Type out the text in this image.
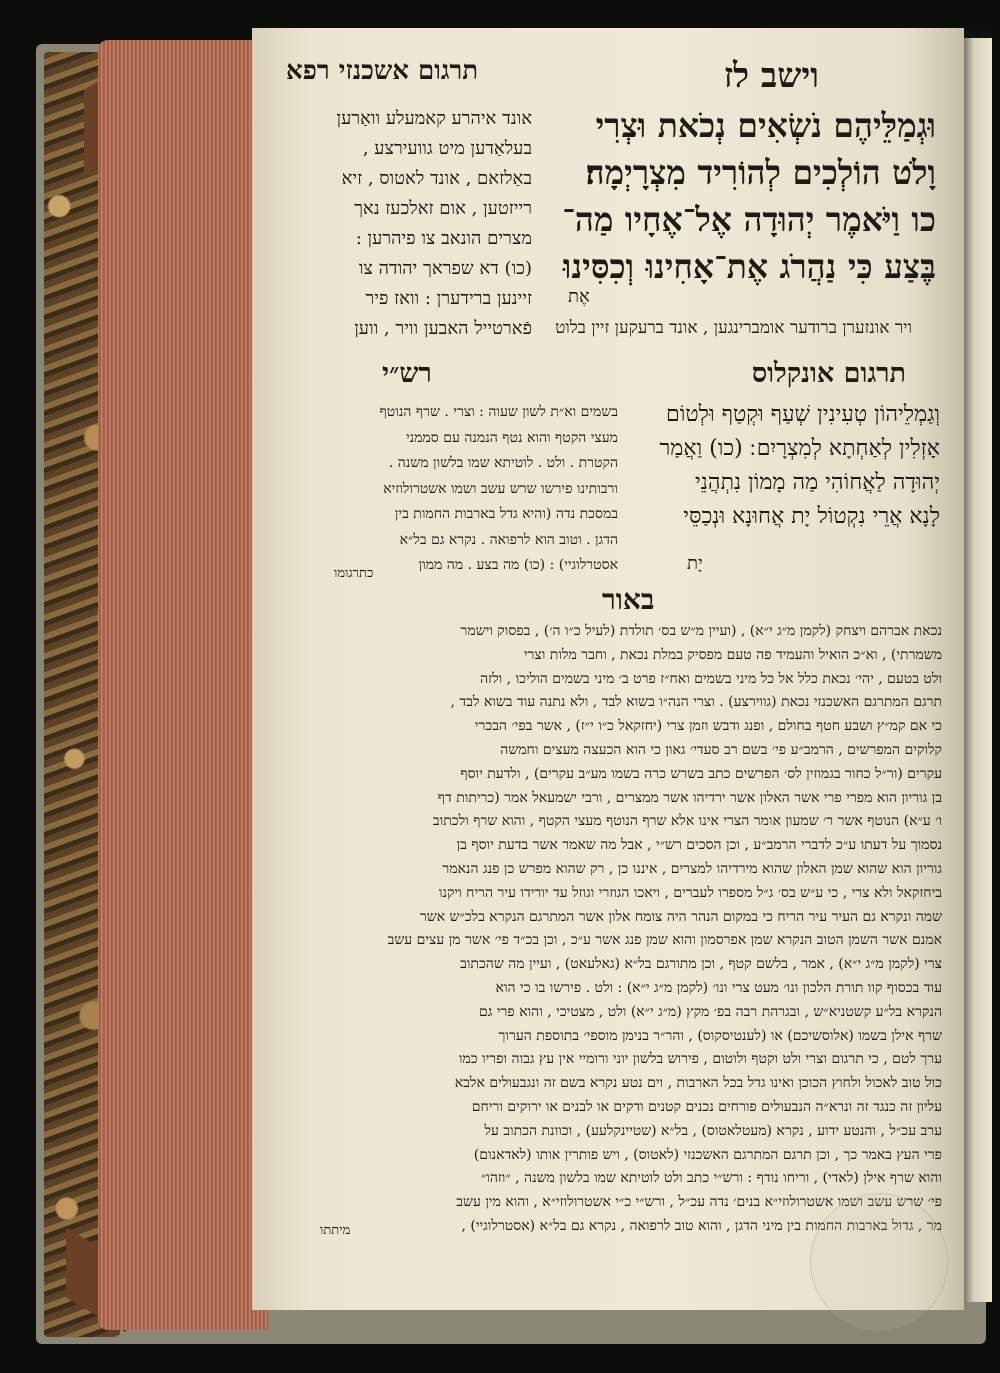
וישב לז
תרגום אשכנזי רפא
וּגְמַלֵּיהֶם נֹשְׂאִים נְכֹאת וּצְרִי
וָלֹט הוֹלְכִים לְהוֹרִיד מִצְרָיְמָה׃
כו וַיֹּאמֶר יְהוּדָה אֶל־אֶחָיו מַה־
בֶּצַע כִּי נַהֲרֹג אֶת־אָחִינוּ וְכִסִּינוּ
אֶת
אונד איהרע קאמעלע וואַרען
בעלאַדען מיט גוועירצע ,
באַלזאם , אונד לאטוס , זיא
רייזטען , אום זאלכעז נאך
מצרים הונאב צו פיהרען :
(כו) דא שפראך יהודה צו
זיינען ברידערן : וואז פיר
פֿארטייל האבען וויר , ווען	ויר אונזערן ברודער אומברינגען , אונד ברעקען זיין בלוט
תרגום אונקלוס
רש״י
וְגַמְלֵיהוֹן טְעִינִין שְׁעַף וּקְטַף וּלְטוֹם
אָזְלִין לְאַחְתָא לְמִצְרָיִם ׃ (כו) וַאֲמַר
יְהוּדָה לַאֲחוֹהִי מַה מָמוֹן נִתְהֲנֵי
לָנָא אֲרֵי נִקְטוֹל יָת אֲחוּנָא וּנְכַסֵּי
יָת
בשמים וא״ת לשון שעוה : וצרי . שרף הנוטף
מעצי הקטף והוא נטף הנמנה עם סממני
הקטרת . ולט . לוטיתא שמו בלשון משנה .
ורבותינו פירשו שרש עשב ושמו אשטרולוזיא
במסכת נדה (והיא גדל בארבות החמות בין
הדגן . וטוב הוא לרפואה . נקרא גם בל״א
אסטרלוגיי) : (כו) מה בצע . מה ממון
כתרגומו
באור
נכאת אברהם ויצחק (לקמן מ״ג י״א) , (ועיין מ״ש בס׳ תולדת (לעיל כ״ו ה׳) , בפסוק וישמר
משמרתי) , וא״כ הואיל והעמיד פה טעם מפסיק במלת נכאת , וחבר מלות וצרי
ולט בטעם , יהי׳ נכאת כלל אל כל מיני בשמים ואח״ז פרט ב׳ מיני בשמים הוליכו , ולזה
תרגם המתרגם האשכנזי נכאת (גווירצע) . וצרי הנה״ו בשוא לבד , ולא נתנה עוד בשוא לבד ,
כי אם קמ״ץ ושבע חטף בחולם , ופנג ודבש וזמן צרי (יחזקאל כ״ו י״ז) , אשר בפי׳ הבכרי
קלוקים המפרשים , הרמב״ע פי׳ בשם רב סעדי׳ גאון כי הוא הכעצה מעצים וחמשה
עקרים (ור״ל כחור בגמוזין לס׳ הפרשים כתב בשרש כרה בשמו מע״ב עקרים) , ולדעת יוסף
בן גוריון הוא מפרי פרי אשר האלון אשר ירדיהו אשר ממצרים , ורבי ישמעאל אמר (כריתות דף
ו׳ ע״א) הנוטף אשר ר׳ שמעון אומר הצרי אינו אלא שרף הנוטף מעצי הקטף , והוא שרף ולכתוב
נסמוך על דעתו ע״כ לדברי הרמב״ע , וכן הסכים רש״י , אבל מה שאמר אשר בדעת יוסף בן
גוריון הוא שהוא שמן האלון שהוא מירדיהו למצרים , איננו כן , רק שהוא מפרש כן פנג הנאמר
ביחזקאל ולא צרי , כי ע״ש בס׳ ג״ל מספרו לעברים , ויאכו הגוזרי וגוזל עד יורידו עיר הריח ויקנו
שמה ונקרא גם העיר עיר הריח כי במקום הנהר היה צומח אלון אשר המתרגם הנקרא בלכ״ש אשר
אמנם אשר השמן הטוב הנקרא שמן אפרסמון והוא שמן פנג אשר ע״כ , וכן בכ״ד פי׳ אשר מן עצים עשב
צרי (לקמן מ״ג י״א) , אמר , בלשם קטף , וכן מתורגם בל״א (גאלעאט) , ועיין מה שהכתוב
עוד בכסוף קוו תורת הלכון ונו׳ מעט צרי ונו׳ (לקמן מ״ג י״א) : ולט . פירשו בו כי הוא
הנקרא בל״ע קשטניא״ש , ובגרהת רבה בפ׳ מקץ (מ״ג י״א) ולט , מצטיכי , והוא פרי גם
שרף אילן בשמו (אלוסשיכם) או (לענטיסקוס) , והר״ר בנימן מוספי׳ בתוספת הערוך
ערך לטם , כי תרגום וצרי ולט וקטף ולוטום , פירוש בלשון יוני ורומיי אין עץ גבוה ופריו כמו
כול טוב לאכול ולחוץ הכוכן ואינו גדל בכל הארבות , וים נטע נקרא בשם זה ונגבעולים אלבא
עליון זה כנגד זה ונרא״ה הנבעולים פורחים נכנים קטנים ודקים או לבנים או ירוקים וריחם
ערב עכ״ל , והנטע ידוע , נקרא (מעטלאטוס) , בל״א (שטיינקלעע) , וכוונת הכתוב על
פרי העץ באמר כך , וכן תרגם המתרגם האשכנזי (לאטוס) , ויש פותרין אותו (לאדאנום)
והוא שרף אילן (לאדי) , וריחו נודף : ורש״י כתב ולט לוטיתא שמו בלשון משנה , ״וזהו״
פי׳ שרש עשב ושמו אשטרולוזי״א בנים׳ נדה עכ״ל , ורש״י כ״י אשטרולוזי״א , והוא מין עשב
מר , גדול בארבות החמות בין מיני הדגן , והוא טוב לרפואה , נקרא גם בל״א (אסטרלוגיי) ,
מיתתו
